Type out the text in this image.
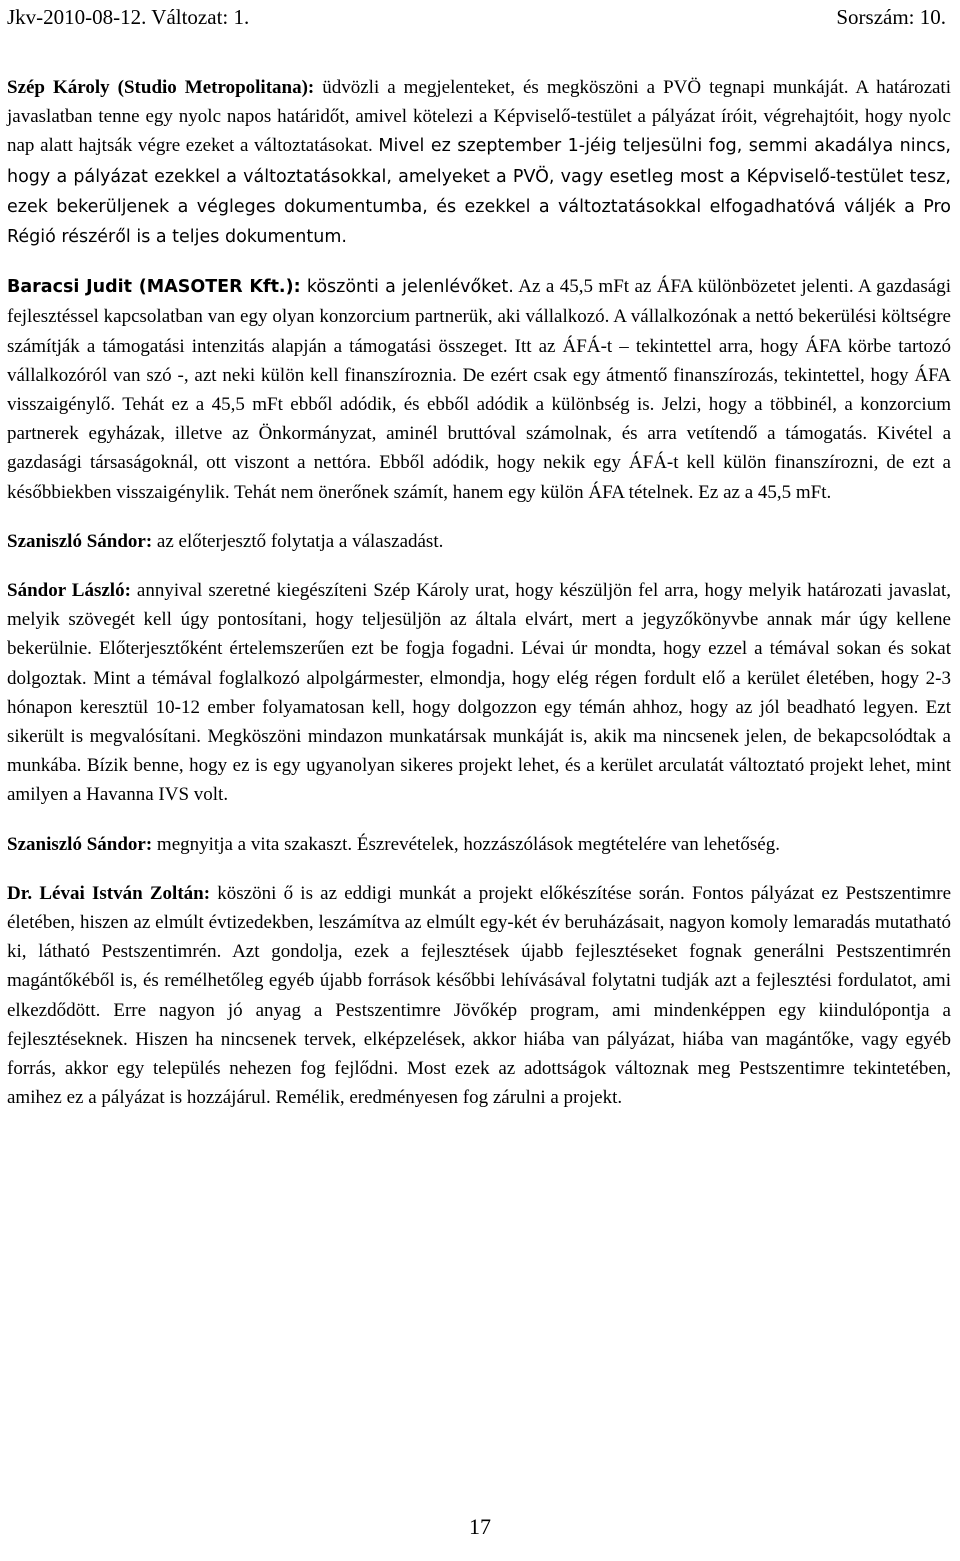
Jkv-2010-08-12. Változat: 1.	Sorszám: 10.

Szép Károly (Studio Metropolitana): üdvözli a megjelenteket, és megköszöni a PVÖ tegnapi munkáját. A határozati javaslatban tenne egy nyolc napos határidőt, amivel kötelezi a Képviselő-testület a pályázat íróit, végrehajtóit, hogy nyolc nap alatt hajtsák végre ezeket a változtatásokat. Mivel ez szeptember 1-jéig teljesülni fog, semmi akadálya nincs, hogy a pályázat ezekkel a változtatásokkal, amelyeket a PVÖ, vagy esetleg most a Képviselő-testület tesz, ezek bekerüljenek a végleges dokumentumba, és ezekkel a változtatásokkal elfogadhatóvá váljék a Pro Régió részéről is a teljes dokumentum.

Baracsi Judit (MASOTER Kft.): köszönti a jelenlévőket. Az a 45,5 mFt az ÁFA különbözetet jelenti. A gazdasági fejlesztéssel kapcsolatban van egy olyan konzorcium partnerük, aki vállalkozó. A vállalkozónak a nettó bekerülési költségre számítják a támogatási intenzitás alapján a támogatási összeget. Itt az ÁFÁ-t – tekintettel arra, hogy ÁFA körbe tartozó vállalkozóról van szó -, azt neki külön kell finanszíroznia. De ezért csak egy átmentő finanszírozás, tekintettel, hogy ÁFA visszaigénylő. Tehát ez a 45,5 mFt ebből adódik, és ebből adódik a különbség is. Jelzi, hogy a többinél, a konzorcium partnerek egyházak, illetve az Önkormányzat, aminél bruttóval számolnak, és arra vetítendő a támogatás. Kivétel a gazdasági társaságoknál, ott viszont a nettóra. Ebből adódik, hogy nekik egy ÁFÁ-t kell külön finanszírozni, de ezt a későbbiekben visszaigénylik. Tehát nem önerőnek számít, hanem egy külön ÁFA tételnek. Ez az a 45,5 mFt.

Szaniszló Sándor: az előterjesztő folytatja a válaszadást.

Sándor László: annyival szeretné kiegészíteni Szép Károly urat, hogy készüljön fel arra, hogy melyik határozati javaslat, melyik szövegét kell úgy pontosítani, hogy teljesüljön az általa elvárt, mert a jegyzőkönyvbe annak már úgy kellene bekerülnie. Előterjesztőként értelemszerűen ezt be fogja fogadni. Lévai úr mondta, hogy ezzel a témával sokan és sokat dolgoztak. Mint a témával foglalkozó alpolgármester, elmondja, hogy elég régen fordult elő a kerület életében, hogy 2-3 hónapon keresztül 10-12 ember folyamatosan kell, hogy dolgozzon egy témán ahhoz, hogy az jól beadható legyen. Ezt sikerült is megvalósítani. Megköszöni mindazon munkatársak munkáját is, akik ma nincsenek jelen, de bekapcsolódtak a munkába. Bízik benne, hogy ez is egy ugyanolyan sikeres projekt lehet, és a kerület arculatát változtató projekt lehet, mint amilyen a Havanna IVS volt.

Szaniszló Sándor: megnyitja a vita szakaszt. Észrevételek, hozzászólások megtételére van lehetőség.

Dr. Lévai István Zoltán: köszöni ő is az eddigi munkát a projekt előkészítése során. Fontos pályázat ez Pestszentimre életében, hiszen az elmúlt évtizedekben, leszámítva az elmúlt egy-két év beruházásait, nagyon komoly lemaradás mutatható ki, látható Pestszentimrén. Azt gondolja, ezek a fejlesztések újabb fejlesztéseket fognak generálni Pestszentimrén magántőkéből is, és remélhetőleg egyéb újabb források későbbi lehívásával folytatni tudják azt a fejlesztési fordulatot, ami elkezdődött. Erre nagyon jó anyag a Pestszentimre Jövőkép program, ami mindenképpen egy kiindulópontja a fejlesztéseknek. Hiszen ha nincsenek tervek, elképzelések, akkor hiába van pályázat, hiába van magántőke, vagy egyéb forrás, akkor egy település nehezen fog fejlődni. Most ezek az adottságok változnak meg Pestszentimre tekintetében, amihez ez a pályázat is hozzájárul. Remélik, eredményesen fog zárulni a projekt.

17
